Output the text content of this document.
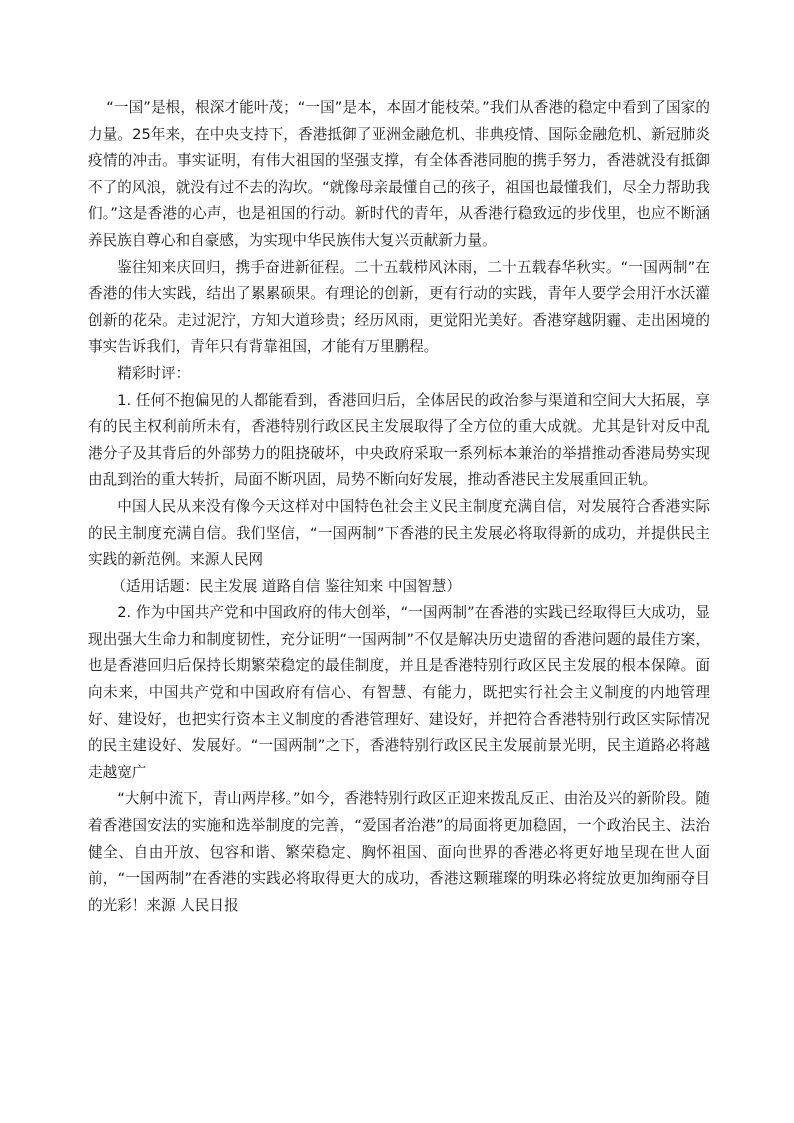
“一国”是根，根深才能叶茂；“一国”是本，本固才能枝荣。”我们从香港的稳定中看到了国家的力量。25年来，在中央支持下，香港抵御了亚洲金融危机、非典疫情、国际金融危机、新冠肺炎疫情的冲击。事实证明，有伟大祖国的坚强支撑，有全体香港同胞的携手努力，香港就没有抵御不了的风浪，就没有过不去的沟坎。“就像母亲最懂自己的孩子，祖国也最懂我们，尽全力帮助我们。”这是香港的心声，也是祖国的行动。新时代的青年，从香港行稳致远的步伐里，也应不断涵养民族自尊心和自豪感，为实现中华民族伟大复兴贡献新力量。

鉴往知来庆回归，携手奋进新征程。二十五载栉风沐雨，二十五载春华秋实。“一国两制”在香港的伟大实践，结出了累累硕果。有理论的创新，更有行动的实践，青年人要学会用汗水沃灌创新的花朵。走过泥泞，方知大道珍贵；经历风雨，更觉阳光美好。香港穿越阴霾、走出困境的事实告诉我们，青年只有背靠祖国，才能有万里鹏程。

精彩时评：

1. 任何不抱偏见的人都能看到，香港回归后，全体居民的政治参与渠道和空间大大拓展，享有的民主权利前所未有，香港特别行政区民主发展取得了全方位的重大成就。尤其是针对反中乱港分子及其背后的外部势力的阻挠破坏，中央政府采取一系列标本兼治的举措推动香港局势实现由乱到治的重大转折，局面不断巩固，局势不断向好发展，推动香港民主发展重回正轨。

中国人民从来没有像今天这样对中国特色社会主义民主制度充满自信，对发展符合香港实际的民主制度充满自信。我们坚信，“一国两制”下香港的民主发展必将取得新的成功，并提供民主实践的新范例。来源人民网

（适用话题：民主发展 道路自信 鉴往知来 中国智慧）

2. 作为中国共产党和中国政府的伟大创举，“一国两制”在香港的实践已经取得巨大成功，显现出强大生命力和制度韧性，充分证明“一国两制”不仅是解决历史遗留的香港问题的最佳方案，也是香港回归后保持长期繁荣稳定的最佳制度，并且是香港特别行政区民主发展的根本保障。面向未来，中国共产党和中国政府有信心、有智慧、有能力，既把实行社会主义制度的内地管理好、建设好，也把实行资本主义制度的香港管理好、建设好，并把符合香港特别行政区实际情况的民主建设好、发展好。“一国两制”之下，香港特别行政区民主发展前景光明，民主道路必将越走越宽广

“大舸中流下，青山两岸移。”如今，香港特别行政区正迎来拨乱反正、由治及兴的新阶段。随着香港国安法的实施和选举制度的完善，“爱国者治港”的局面将更加稳固，一个政治民主、法治健全、自由开放、包容和谐、繁荣稳定、胸怀祖国、面向世界的香港必将更好地呈现在世人面前，“一国两制”在香港的实践必将取得更大的成功，香港这颗璀璨的明珠必将绽放更加绚丽夺目的光彩！来源 人民日报
